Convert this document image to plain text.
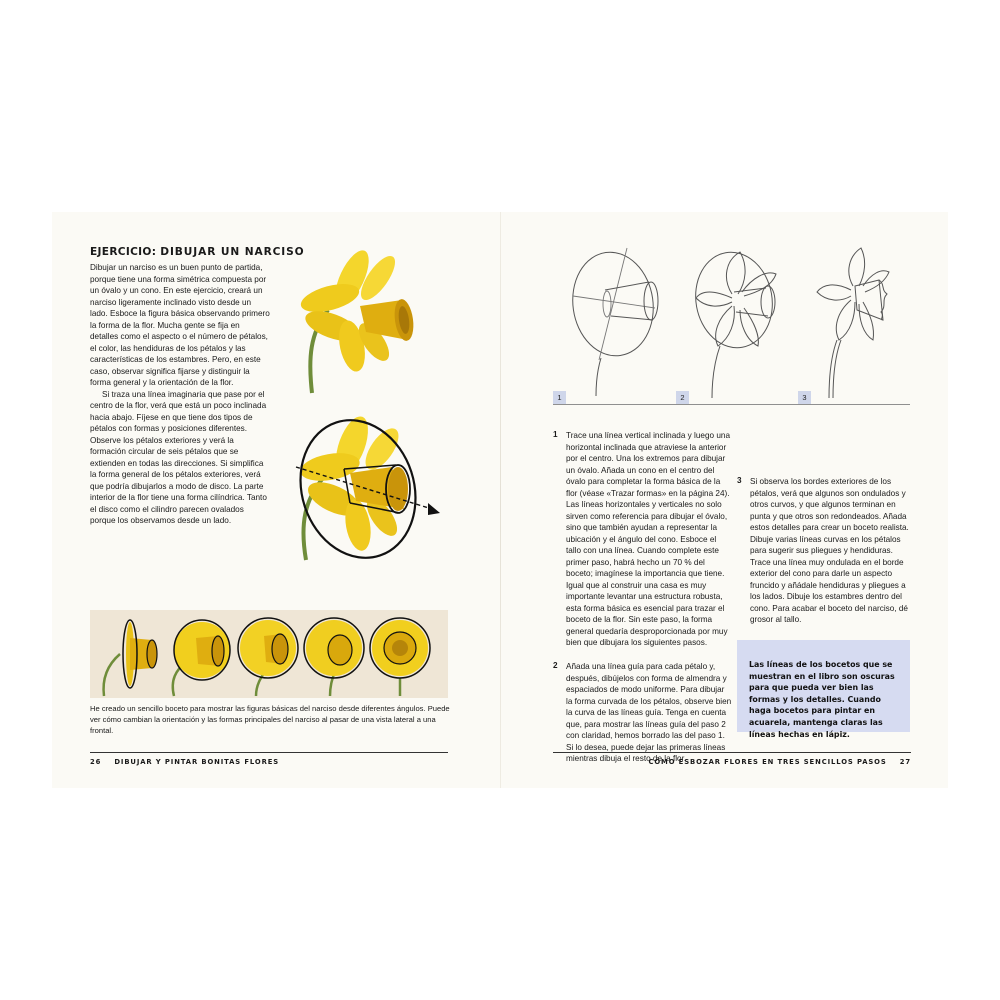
EJERCICIO: DIBUJAR UN NARCISO

Dibujar un narciso es un buen punto de partida, porque tiene una forma simétrica compuesta por un óvalo y un cono. En este ejercicio, creará un narciso ligeramente inclinado visto desde un lado. Esboce la figura básica observando primero la forma de la flor. Mucha gente se fija en detalles como el aspecto o el número de pétalos, el color, las hendiduras de los pétalos y las características de los estambres. Pero, en este caso, observar significa fijarse y distinguir la forma general y la orientación de la flor.

Si traza una línea imaginaria que pase por el centro de la flor, verá que está un poco inclinada hacia abajo. Fíjese en que tiene dos tipos de pétalos con formas y posiciones diferentes. Observe los pétalos exteriores y verá la formación circular de seis pétalos que se extienden en todas las direcciones. Si simplifica la forma general de los pétalos exteriores, verá que podría dibujarlos a modo de disco. La parte interior de la flor tiene una forma cilíndrica. Tanto el disco como el cilindro parecen ovalados porque los observamos desde un lado.

He creado un sencillo boceto para mostrar las figuras básicas del narciso desde diferentes ángulos. Puede ver cómo cambian la orientación y las formas principales del narciso al pasar de una vista lateral a una frontal.
26 DIBUJAR Y PINTAR BONITAS FLORES
1	2	3
1 Trace una línea vertical inclinada y luego una horizontal inclinada que atraviese la anterior por el centro. Una los extremos para dibujar un óvalo. Añada un cono en el centro del óvalo para completar la forma básica de la flor (véase «Trazar formas» en la página 24). Las líneas horizontales y verticales no solo sirven como referencia para dibujar el óvalo, sino que también ayudan a representar la ubicación y el ángulo del cono. Esboce el tallo con una línea. Cuando complete este primer paso, habrá hecho un 70 % del boceto; imagínese la importancia que tiene. Igual que al construir una casa es muy importante levantar una estructura robusta, esta forma básica es esencial para trazar el boceto de la flor. Sin este paso, la forma general quedaría desproporcionada por muy bien que dibujara los siguientes pasos.
2 Añada una línea guía para cada pétalo y, después, dibújelos con forma de almendra y espaciados de modo uniforme. Para dibujar la forma curvada de los pétalos, observe bien la curva de las líneas guía. Tenga en cuenta que, para mostrar las líneas guía del paso 2 con claridad, hemos borrado las del paso 1. Si lo desea, puede dejar las primeras líneas mientras dibuja el resto de la flor.
3 Si observa los bordes exteriores de los pétalos, verá que algunos son ondulados y otros curvos, y que algunos terminan en punta y que otros son redondeados. Añada estos detalles para crear un boceto realista. Dibuje varias líneas curvas en los pétalos para sugerir sus pliegues y hendiduras. Trace una línea muy ondulada en el borde exterior del cono para darle un aspecto fruncido y añádale hendiduras y pliegues a los lados. Dibuje los estambres dentro del cono. Para acabar el boceto del narciso, dé grosor al tallo.
Las líneas de los bocetos que se muestran en el libro son oscuras para que pueda ver bien las formas y los detalles. Cuando haga bocetos para pintar en acuarela, mantenga claras las líneas hechas en lápiz.
CÓMO ESBOZAR FLORES EN TRES SENCILLOS PASOS 27
